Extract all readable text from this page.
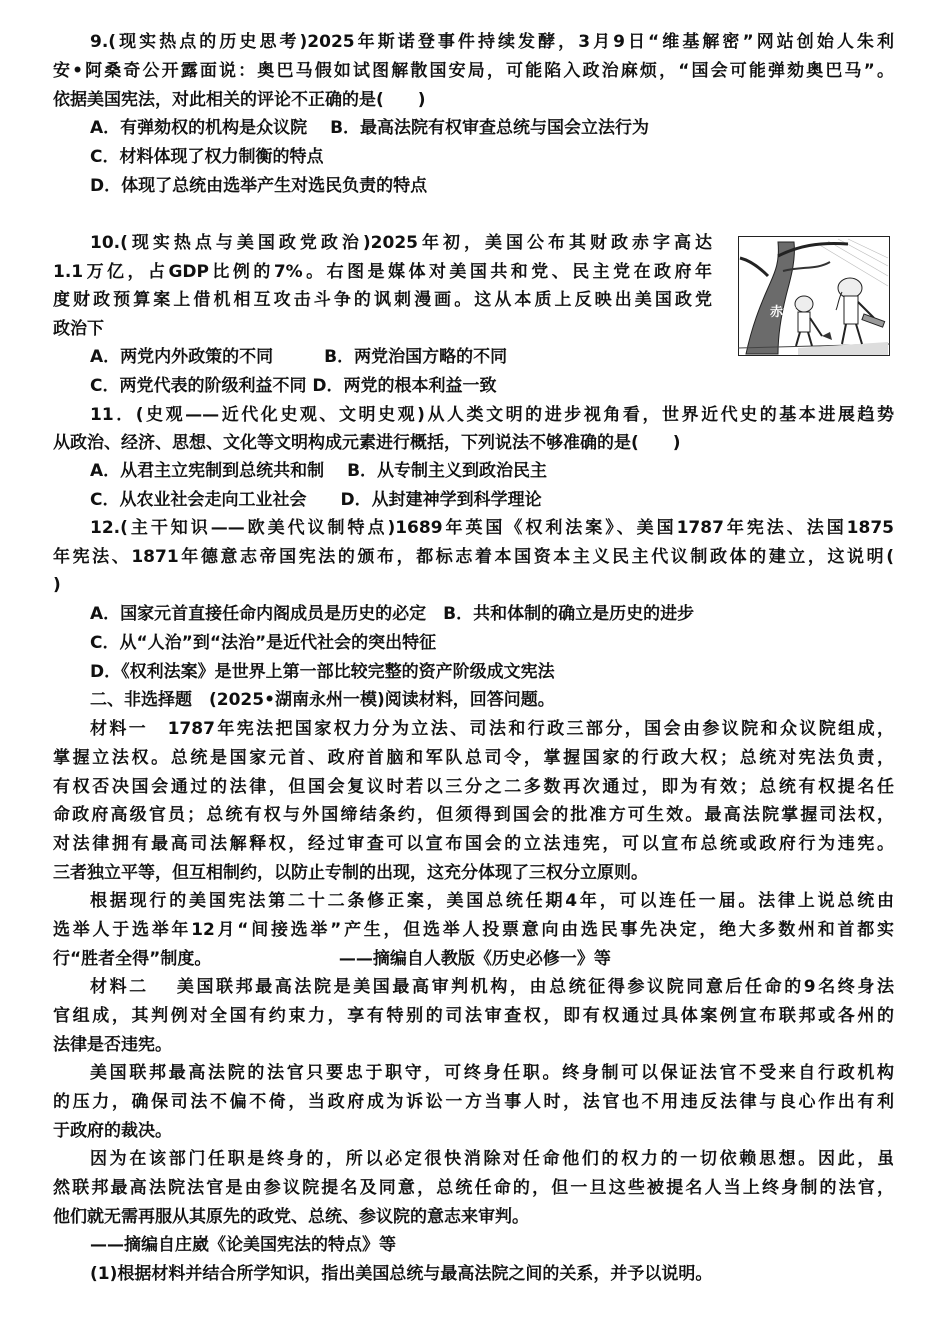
9.(现实热点的历史思考)2025年斯诺登事件持续发酵，3月9日“维基解密”网站创始人朱利
安•阿桑奇公开露面说：奥巴马假如试图解散国安局，可能陷入政治麻烦，“国会可能弹劾奥巴马”。
依据美国宪法，对此相关的评论不正确的是(　　)
A．有弹劾权的机构是众议院　 B．最高法院有权审查总统与国会立法行为
C．材料体现了权力制衡的特点
D．体现了总统由选举产生对选民负责的特点
10.(现实热点与美国政党政治)2025年初，美国公布其财政赤字高达
1.1万亿，占GDP比例的7%。右图是媒体对美国共和党、民主党在政府年
度财政预算案上借机相互攻击斗争的讽刺漫画。这从本质上反映出美国政党
政治下
A．两党内外政策的不同　　　B．两党治国方略的不同
C．两党代表的阶级利益不同 D．两党的根本利益一致
赤字
11．(史观——近代化史观、文明史观)从人类文明的进步视角看，世界近代史的基本进展趋势
从政治、经济、思想、文化等文明构成元素进行概括，下列说法不够准确的是(　　)
A．从君主立宪制到总统共和制　 B．从专制主义到政治民主
C．从农业社会走向工业社会　　D．从封建神学到科学理论
12.(主干知识——欧美代议制特点)1689年英国《权利法案》、美国1787年宪法、法国1875
年宪法、1871年德意志帝国宪法的颁布，都标志着本国资本主义民主代议制政体的建立，这说明(
)
A．国家元首直接任命内阁成员是历史的必定　B．共和体制的确立是历史的进步
C．从“人治”到“法治”是近代社会的突出特征
D．《权利法案》是世界上第一部比较完整的资产阶级成文宪法
二、非选择题　(2025•湖南永州一模)阅读材料，回答问题。
材料一　1787年宪法把国家权力分为立法、司法和行政三部分，国会由参议院和众议院组成，
掌握立法权。总统是国家元首、政府首脑和军队总司令，掌握国家的行政大权；总统对宪法负责，
有权否决国会通过的法律，但国会复议时若以三分之二多数再次通过，即为有效；总统有权提名任
命政府高级官员；总统有权与外国缔结条约，但须得到国会的批准方可生效。最高法院掌握司法权，
对法律拥有最高司法解释权，经过审查可以宣布国会的立法违宪，可以宣布总统或政府行为违宪。
三者独立平等，但互相制约，以防止专制的出现，这充分体现了三权分立原则。
根据现行的美国宪法第二十二条修正案，美国总统任期4年，可以连任一届。法律上说总统由
选举人于选举年12月“间接选举”产生，但选举人投票意向由选民事先决定，绝大多数州和首都实
行“胜者全得”制度。　　　　　　　　——摘编自人教版《历史必修一》等
材料二　 美国联邦最高法院是美国最高审判机构，由总统征得参议院同意后任命的9名终身法
官组成，其判例对全国有约束力，享有特别的司法审查权，即有权通过具体案例宣布联邦或各州的
法律是否违宪。
美国联邦最高法院的法官只要忠于职守，可终身任职。终身制可以保证法官不受来自行政机构
的压力，确保司法不偏不倚，当政府成为诉讼一方当事人时，法官也不用违反法律与良心作出有利
于政府的裁决。
因为在该部门任职是终身的，所以必定很快消除对任命他们的权力的一切依赖思想。因此，虽
然联邦最高法院法官是由参议院提名及同意，总统任命的，但一旦这些被提名人当上终身制的法官，
他们就无需再服从其原先的政党、总统、参议院的意志来审判。
——摘编自庄崴《论美国宪法的特点》等
(1)根据材料并结合所学知识，指出美国总统与最高法院之间的关系，并予以说明。
